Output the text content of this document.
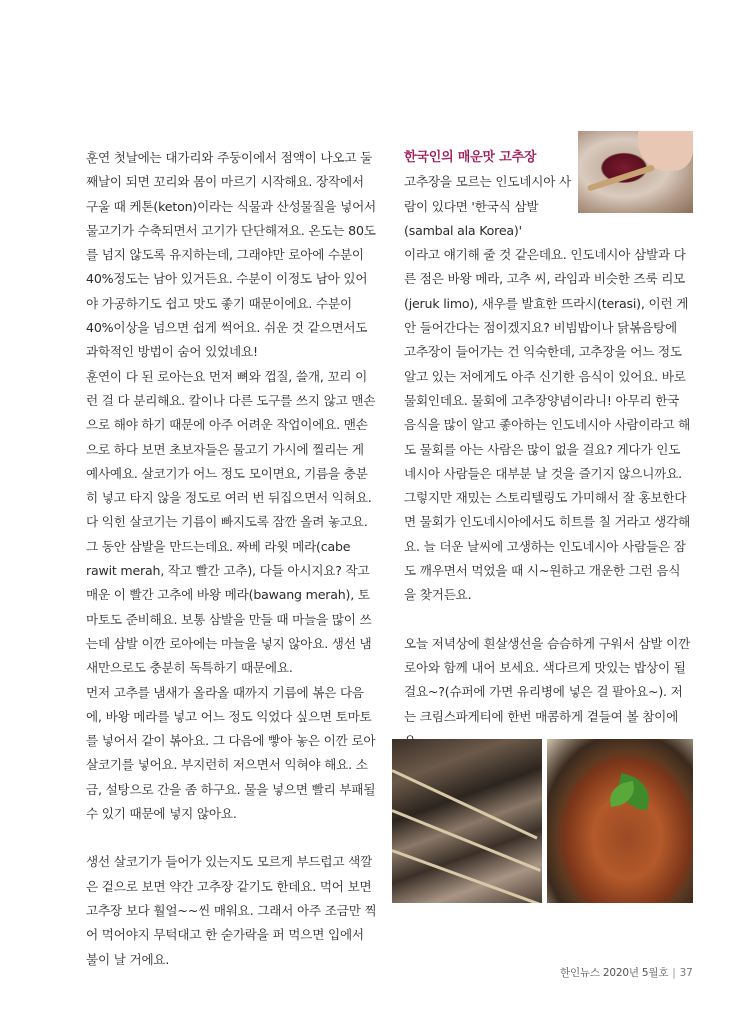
훈연 첫날에는 대가리와 주둥이에서 점액이 나오고 둘째날이 되면 꼬리와 몸이 마르기 시작해요. 장작에서 구울 때 케톤(keton)이라는 식물과 산성물질을 넣어서 물고기가 수축되면서 고기가 단단해져요. 온도는 80도를 넘지 않도록 유지하는데, 그래야만 로아에 수분이 40%정도는 남아 있거든요. 수분이 이정도 남아 있어야 가공하기도 쉽고 맛도 좋기 때문이에요. 수분이 40%이상을 넘으면 쉽게 썩어요. 쉬운 것 같으면서도 과학적인 방법이 숨어 있었네요!

훈연이 다 된 로아는요 먼저 뼈와 껍질, 쓸개, 꼬리 이런 걸 다 분리해요. 칼이나 다른 도구를 쓰지 않고 맨손으로 해야 하기 때문에 아주 어려운 작업이에요. 맨손으로 하다 보면 초보자들은 물고기 가시에 찔리는 게 예사예요. 살코기가 어느 정도 모이면요, 기름을 충분히 넣고 타지 않을 정도로 여러 번 뒤집으면서 익혀요. 다 익힌 살코기는 기름이 빠지도록 잠깐 올려 놓고요. 그 동안 삼발을 만드는데요. 짜베 라윗 메라(cabe rawit merah, 작고 빨간 고추), 다들 아시지요? 작고 매운 이 빨간 고추에 바왕 메라(bawang merah), 토마토도 준비해요. 보통 삼발을 만들 때 마늘을 많이 쓰는데 삼발 이깐 로아에는 마늘을 넣지 않아요. 생선 냄새만으로도 충분히 독특하기 때문에요.

먼저 고추를 냄새가 올라올 때까지 기름에 볶은 다음에, 바왕 메라를 넣고 어느 정도 익었다 싶으면 토마토를 넣어서 같이 볶아요. 그 다음에 빻아 놓은 이깐 로아 살코기를 넣어요. 부지런히 저으면서 익혀야 해요. 소금, 설탕으로 간을 좀 하구요. 물을 넣으면 빨리 부패될 수 있기 때문에 넣지 않아요.

생선 살코기가 들어가 있는지도 모르게 부드럽고 색깔은 겉으로 보면 약간 고추장 같기도 한데요. 먹어 보면 고추장 보다 훨얼~~씬 매워요. 그래서 아주 조금만 찍어 먹어야지 무턱대고 한 숟가락을 퍼 먹으면 입에서 불이 날 거에요.

한국인의 매운맛 고추장

고추장을 모르는 인도네시아 사람이 있다면 '한국식 삼발(sambal ala Korea)'

이라고 얘기해 줄 것 같은데요. 인도네시아 삼발과 다른 점은 바왕 메라, 고추 씨, 라임과 비슷한 즈룩 리모(jeruk limo), 새우를 발효한 뜨라시(terasi), 이런 게 안 들어간다는 점이겠지요? 비빔밥이나 닭볶음탕에 고추장이 들어가는 건 익숙한데, 고추장을 어느 정도 알고 있는 저에게도 아주 신기한 음식이 있어요. 바로 물회인데요. 물회에 고추장양념이라니! 아무리 한국 음식을 많이 알고 좋아하는 인도네시아 사람이라고 해도 물회를 아는 사람은 많이 없을 걸요? 게다가 인도네시아 사람들은 대부분 날 것을 즐기지 않으니까요. 그렇지만 재밌는 스토리텔링도 가미해서 잘 홍보한다면 물회가 인도네시아에서도 히트를 칠 거라고 생각해요. 늘 더운 날씨에 고생하는 인도네시아 사람들은 잠도 깨우면서 먹었을 때 시~원하고 개운한 그런 음식을 찾거든요.

오늘 저녁상에 흰살생선을 슴슴하게 구워서 삼발 이깐 로아와 함께 내어 보세요. 색다르게 맛있는 밥상이 될걸요~?(슈퍼에 가면 유리병에 넣은 걸 팔아요~). 저는 크림스파게티에 한번 매콤하게 곁들여 볼 참이에

한인뉴스 2020년 5월호 | 37
